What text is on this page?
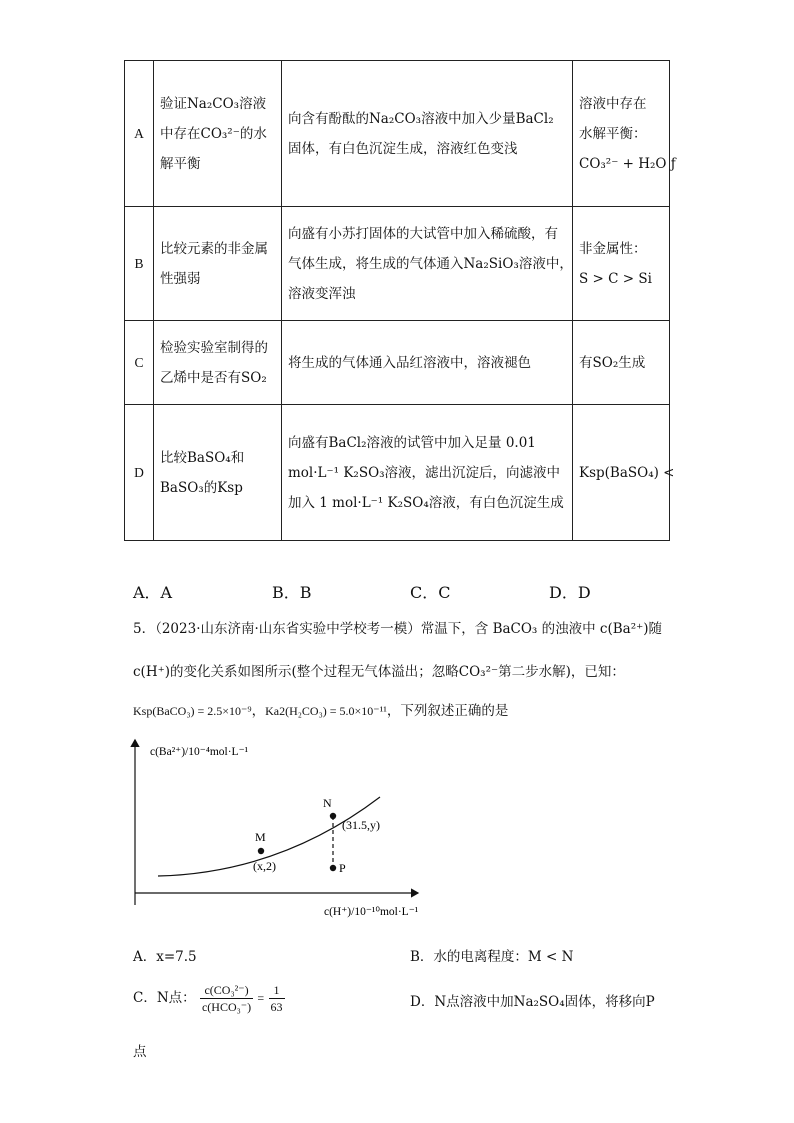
A	验证Na₂CO₃溶液
中存在CO₃²⁻的水
解平衡	向含有酚酞的Na₂CO₃溶液中加入少量BaCl₂
固体，有白色沉淀生成，溶液红色变浅	溶液中存在
水解平衡：
CO₃²⁻ + H₂O ƒ

B	比较元素的非金属
性强弱	向盛有小苏打固体的大试管中加入稀硫酸，有
气体生成，将生成的气体通入Na₂SiO₃溶液中，
溶液变浑浊	非金属性：
S > C > Si

C	检验实验室制得的
乙烯中是否有SO₂	将生成的气体通入品红溶液中，溶液褪色	有SO₂生成

D	比较BaSO₄和
BaSO₃的Ksp	向盛有BaCl₂溶液的试管中加入足量 0.01
mol·L⁻¹ K₂SO₃溶液，滤出沉淀后，向滤液中
加入 1 mol·L⁻¹ K₂SO₄溶液，有白色沉淀生成	Ksp(BaSO₄) <
A．A	B．B	C．C	D．D
5．（2023·山东济南·山东省实验中学校考一模）常温下，含 BaCO₃ 的浊液中 c(Ba²⁺)随
c(H⁺)的变化关系如图所示(整个过程无气体溢出；忽略CO₃²⁻第二步水解)，已知：
Ksp(BaCO₃) = 2.5×10⁻⁹，Ka2(H₂CO₃) = 5.0×10⁻¹¹，下列叙述正确的是
M
(x,2)
N
(31.5,y)
P
c(Ba²⁺)/10⁻⁴mol·L⁻¹
c(H⁺)/10⁻¹⁰mol·L⁻¹
A．x=7.5	B．水的电离程度：M < N
C．N点： $\frac{\text{c(CO₃²⁻)}}{\text{c(HCO₃⁻)}} = \frac{1}{63}$	D．N点溶液中加Na₂SO₄固体，将移向P
点
